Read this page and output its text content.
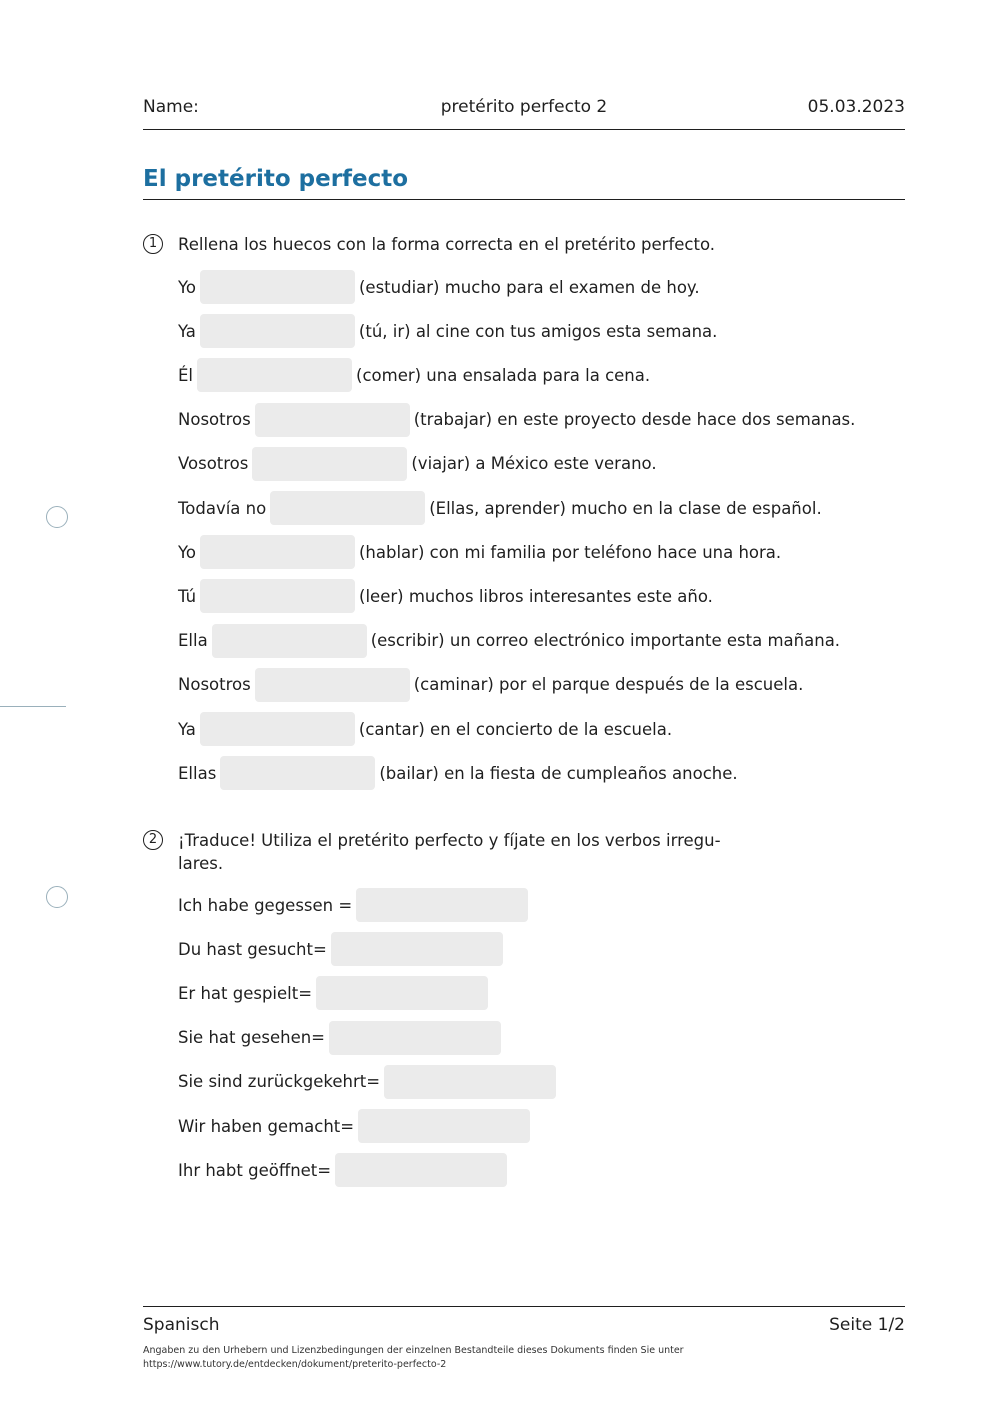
Name:	pretérito perfecto 2	05.03.2023
El pretérito perfecto
1	Rellena los huecos con la forma correcta en el pretérito perfecto.
Yo	(estudiar) mucho para el examen de hoy.
Ya	(tú, ir) al cine con tus amigos esta semana.
Él	(comer) una ensalada para la cena.
Nosotros	(trabajar) en este proyecto desde hace dos semanas.
Vosotros	(viajar) a México este verano.
Todavía no	(Ellas, aprender) mucho en la clase de español.
Yo	(hablar) con mi familia por teléfono hace una hora.
Tú	(leer) muchos libros interesantes este año.
Ella	(escribir) un correo electrónico importante esta mañana.
Nosotros	(caminar) por el parque después de la escuela.
Ya	(cantar) en el concierto de la escuela.
Ellas	(bailar) en la fiesta de cumpleaños anoche.
2	¡Traduce! Utiliza el pretérito perfecto y fíjate en los verbos irregu-
lares.
Ich habe gegessen =
Du hast gesucht=
Er hat gespielt=
Sie hat gesehen=
Sie sind zurückgekehrt=
Wir haben gemacht=
Ihr habt geöffnet=
Spanisch	Seite 1/2
Angaben zu den Urhebern und Lizenzbedingungen der einzelnen Bestandteile dieses Dokuments finden Sie unter
https://www.tutory.de/entdecken/dokument/preterito-perfecto-2
